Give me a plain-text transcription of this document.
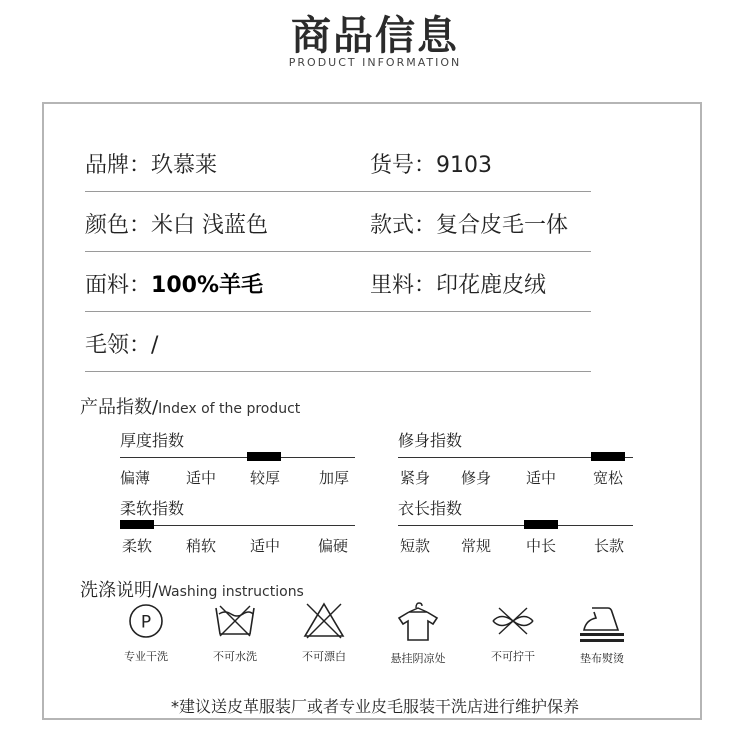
商品信息
PRODUCT INFORMATION
品牌：玖慕莱	货号：9103
颜色：米白 浅蓝色	款式：复合皮毛一体
面料：100%羊毛	里料：印花鹿皮绒
毛领：/
产品指数/Index of the product
厚度指数
偏薄 适中 较厚	加厚
修身指数
紧身 修身 适中 宽松
柔软指数
柔软 稍软 适中	偏硬
衣长指数
短款 常规 中长	长款
洗涤说明/Washing instructions
P
专业干洗	不可水洗	不可漂白	悬挂阴凉处	不可拧干	垫布熨烫
*建议送皮革服装厂或者专业皮毛服装干洗店进行维护保养
